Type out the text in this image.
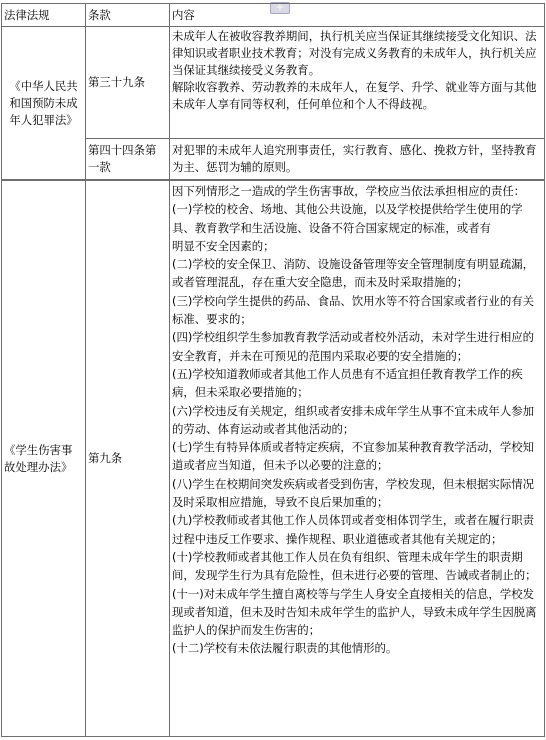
+
法律法规	条款	内容
《中华人民共和国预防未成年人犯罪法》	第三十九条	未成年人在被收容教养期间，执行机关应当保证其继续接受文化知识、法律知识或者职业技术教育；对没有完成义务教育的未成年人，执行机关应当保证其继续接受义务教育。
解除收容教养、劳动教养的未成年人，在复学、升学、就业等方面与其他未成年人享有同等权利，任何单位和个人不得歧视。
	第四十四条第一款	对犯罪的未成年人追究刑事责任，实行教育、感化、挽救方针，坚持教育为主、惩罚为辅的原则。
《学生伤害事故处理办法》	第九条	因下列情形之一造成的学生伤害事故，学校应当依法承担相应的责任：
(一)学校的校舍、场地、其他公共设施，以及学校提供给学生使用的学具、教育教学和生活设施、设备不符合国家规定的标准，或者有
明显不安全因素的；
(二)学校的安全保卫、消防、设施设备管理等安全管理制度有明显疏漏，或者管理混乱，存在重大安全隐患，而未及时采取措施的；
(三)学校向学生提供的药品、食品、饮用水等不符合国家或者行业的有关标准、要求的；
(四)学校组织学生参加教育教学活动或者校外活动，未对学生进行相应的安全教育，并未在可预见的范围内采取必要的安全措施的；
(五)学校知道教师或者其他工作人员患有不适宜担任教育教学工作的疾病，但未采取必要措施的；
(六)学校违反有关规定，组织或者安排未成年学生从事不宜未成年人参加的劳动、体育运动或者其他活动的；
(七)学生有特异体质或者特定疾病，不宜参加某种教育教学活动，学校知道或者应当知道，但未予以必要的注意的；
(八)学生在校期间突发疾病或者受到伤害，学校发现，但未根据实际情况及时采取相应措施，导致不良后果加重的；
(九)学校教师或者其他工作人员体罚或者变相体罚学生，或者在履行职责过程中违反工作要求、操作规程、职业道德或者其他有关规定的；
(十)学校教师或者其他工作人员在负有组织、管理未成年学生的职责期间，发现学生行为具有危险性，但未进行必要的管理、告诫或者制止的；
(十一)对未成年学生擅自离校等与学生人身安全直接相关的信息，学校发现或者知道，但未及时告知未成年学生的监护人，导致未成年学生因脱离监护人的保护而发生伤害的；
(十二)学校有未依法履行职责的其他情形的。
